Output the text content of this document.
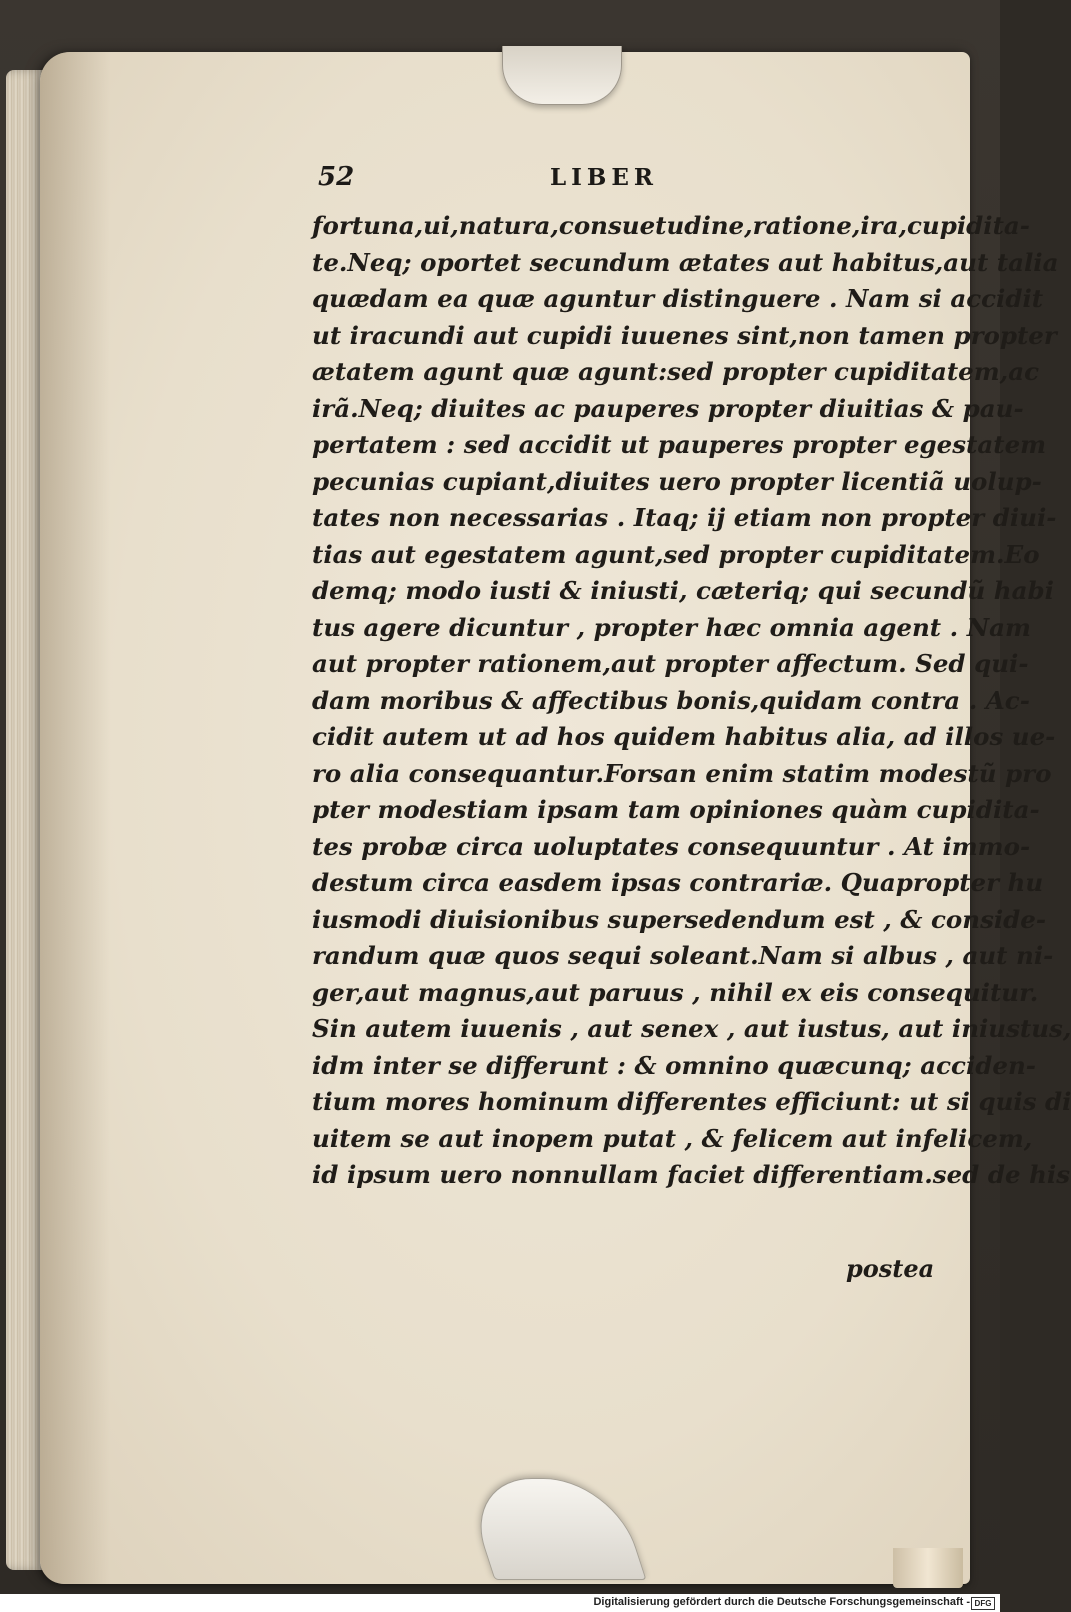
52	LIBER
fortuna,ui,natura,consuetudine,ratione,ira,cupidita-
te.Neq; oportet secundum ætates aut habitus,aut talia
quædam ea quæ aguntur distinguere . Nam si accidit
ut iracundi aut cupidi iuuenes sint,non tamen propter
ætatem agunt quæ agunt:sed propter cupiditatem,ac
irã.Neq; diuites ac pauperes propter diuitias & pau-
pertatem : sed accidit ut pauperes propter egestatem
pecunias cupiant,diuites uero propter licentiã uolup-
tates non necessarias . Itaq; ij etiam non propter diui-
tias aut egestatem agunt,sed propter cupiditatem.Eo
demq; modo iusti & iniusti, cæteriq; qui secundũ habi
tus agere dicuntur , propter hæc omnia agent . Nam
aut propter rationem,aut propter affectum. Sed qui-
dam moribus & affectibus bonis,quidam contra . Ac-
cidit autem ut ad hos quidem habitus alia, ad illos ue-
ro alia consequantur.Forsan enim statim modestũ pro
pter modestiam ipsam tam opiniones quàm cupidita-
tes probæ circa uoluptates consequuntur . At immo-
destum circa easdem ipsas contrariæ. Quapropter hu
iusmodi diuisionibus supersedendum est , & conside-
randum quæ quos sequi soleant.Nam si albus , aut ni-
ger,aut magnus,aut paruus , nihil ex eis consequitur.
Sin autem iuuenis , aut senex , aut iustus, aut iniustus,
idm inter se differunt : & omnino quæcunq; acciden-
tium mores hominum differentes efficiunt: ut si quis di
uitem se aut inopem putat , & felicem aut infelicem,
id ipsum uero nonnullam faciet differentiam.sed de his
postea
Digitalisierung gefördert durch die Deutsche Forschungsgemeinschaft - DFG
